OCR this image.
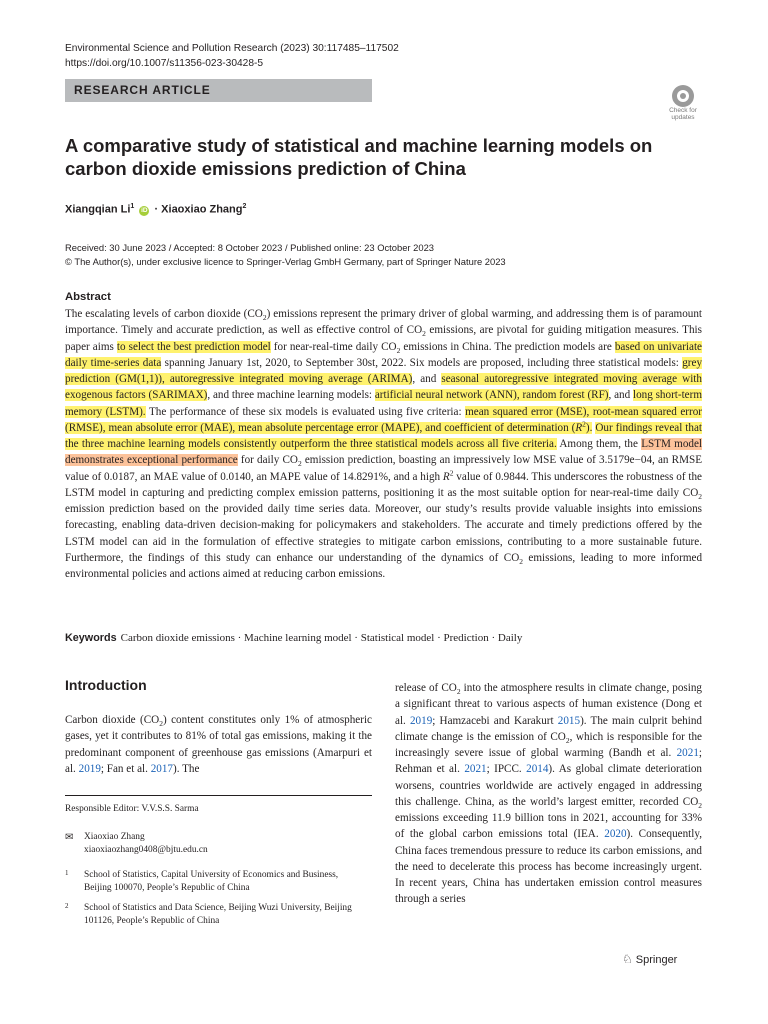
Environmental Science and Pollution Research (2023) 30:117485–117502
https://doi.org/10.1007/s11356-023-30428-5
RESEARCH ARTICLE
Check for updates
A comparative study of statistical and machine learning models on carbon dioxide emissions prediction of China
Xiangqian Li$^1$ iD · Xiaoxiao Zhang$^2$
Received: 30 June 2023 / Accepted: 8 October 2023 / Published online: 23 October 2023
© The Author(s), under exclusive licence to Springer-Verlag GmbH Germany, part of Springer Nature 2023
Abstract
The escalating levels of carbon dioxide $(CO_2)$ emissions represent the primary driver of global warming, and addressing them is of paramount importance. Timely and accurate prediction, as well as effective control of $CO_2$ emissions, are pivotal for guiding mitigation measures. This paper aims to select the best prediction model for near-real-time daily $CO_2$ emissions in China. The prediction models are based on univariate daily time-series data spanning January 1st, 2020, to September 30st, 2022. Six models are proposed, including three statistical models: grey prediction (GM(1,1)), autoregressive integrated moving average (ARIMA), and seasonal autoregressive integrated moving average with exogenous factors (SARIMAX), and three machine learning models: artificial neural network (ANN), random forest (RF), and long short-term memory (LSTM). The performance of these six models is evaluated using five criteria: mean squared error (MSE), root-mean squared error (RMSE), mean absolute error (MAE), mean absolute percentage error (MAPE), and coefficient of determination $(R^2)$. Our findings reveal that the three machine learning models consistently outperform the three statistical models across all five criteria. Among them, the LSTM model demonstrates exceptional performance for daily $CO_2$ emission prediction, boasting an impressively low MSE value of 3.5179e−04, an RMSE value of 0.0187, an MAE value of 0.0140, an MAPE value of 14.8291%, and a high $R^2$ value of 0.9844. This underscores the robustness of the LSTM model in capturing and predicting complex emission patterns, positioning it as the most suitable option for near-real-time daily $CO_2$ emission prediction based on the provided daily time series data. Moreover, our study’s results provide valuable insights into emissions forecasting, enabling data-driven decision-making for policymakers and stakeholders. The accurate and timely predictions offered by the LSTM model can aid in the formulation of effective strategies to mitigate carbon emissions, contributing to a more sustainable future. Furthermore, the findings of this study can enhance our understanding of the dynamics of $CO_2$ emissions, leading to more informed environmental policies and actions aimed at reducing carbon emissions.
Keywords Carbon dioxide emissions · Machine learning model · Statistical model · Prediction · Daily
Introduction
Carbon dioxide $(CO_2)$ content constitutes only 1% of atmospheric gases, yet it contributes to 81% of total gas emissions, making it the predominant component of greenhouse gas emissions (Amarpuri et al. 2019; Fan et al. 2017). The
Responsible Editor: V.V.S.S. Sarma
✉ Xiaoxiao Zhang
xiaoxiaozhang0408@bjtu.edu.cn
1 School of Statistics, Capital University of Economics and Business, Beijing 100070, People’s Republic of China
2 School of Statistics and Data Science, Beijing Wuzi University, Beijing 101126, People’s Republic of China
release of $CO_2$ into the atmosphere results in climate change, posing a significant threat to various aspects of human existence (Dong et al. 2019; Hamzacebi and Karakurt 2015). The main culprit behind climate change is the emission of $CO_2$, which is responsible for the increasingly severe issue of global warming (Bandh et al. 2021; Rehman et al. 2021; IPCC. 2014). As global climate deterioration worsens, countries worldwide are actively engaged in addressing this challenge. China, as the world’s largest emitter, recorded $CO_2$ emissions exceeding 11.9 billion tons in 2021, accounting for 33% of the global carbon emissions total (IEA. 2020). Consequently, China faces tremendous pressure to reduce its carbon emissions, and the need to decelerate this process has become increasingly urgent. In recent years, China has undertaken emission control measures through a series
♘ Springer
